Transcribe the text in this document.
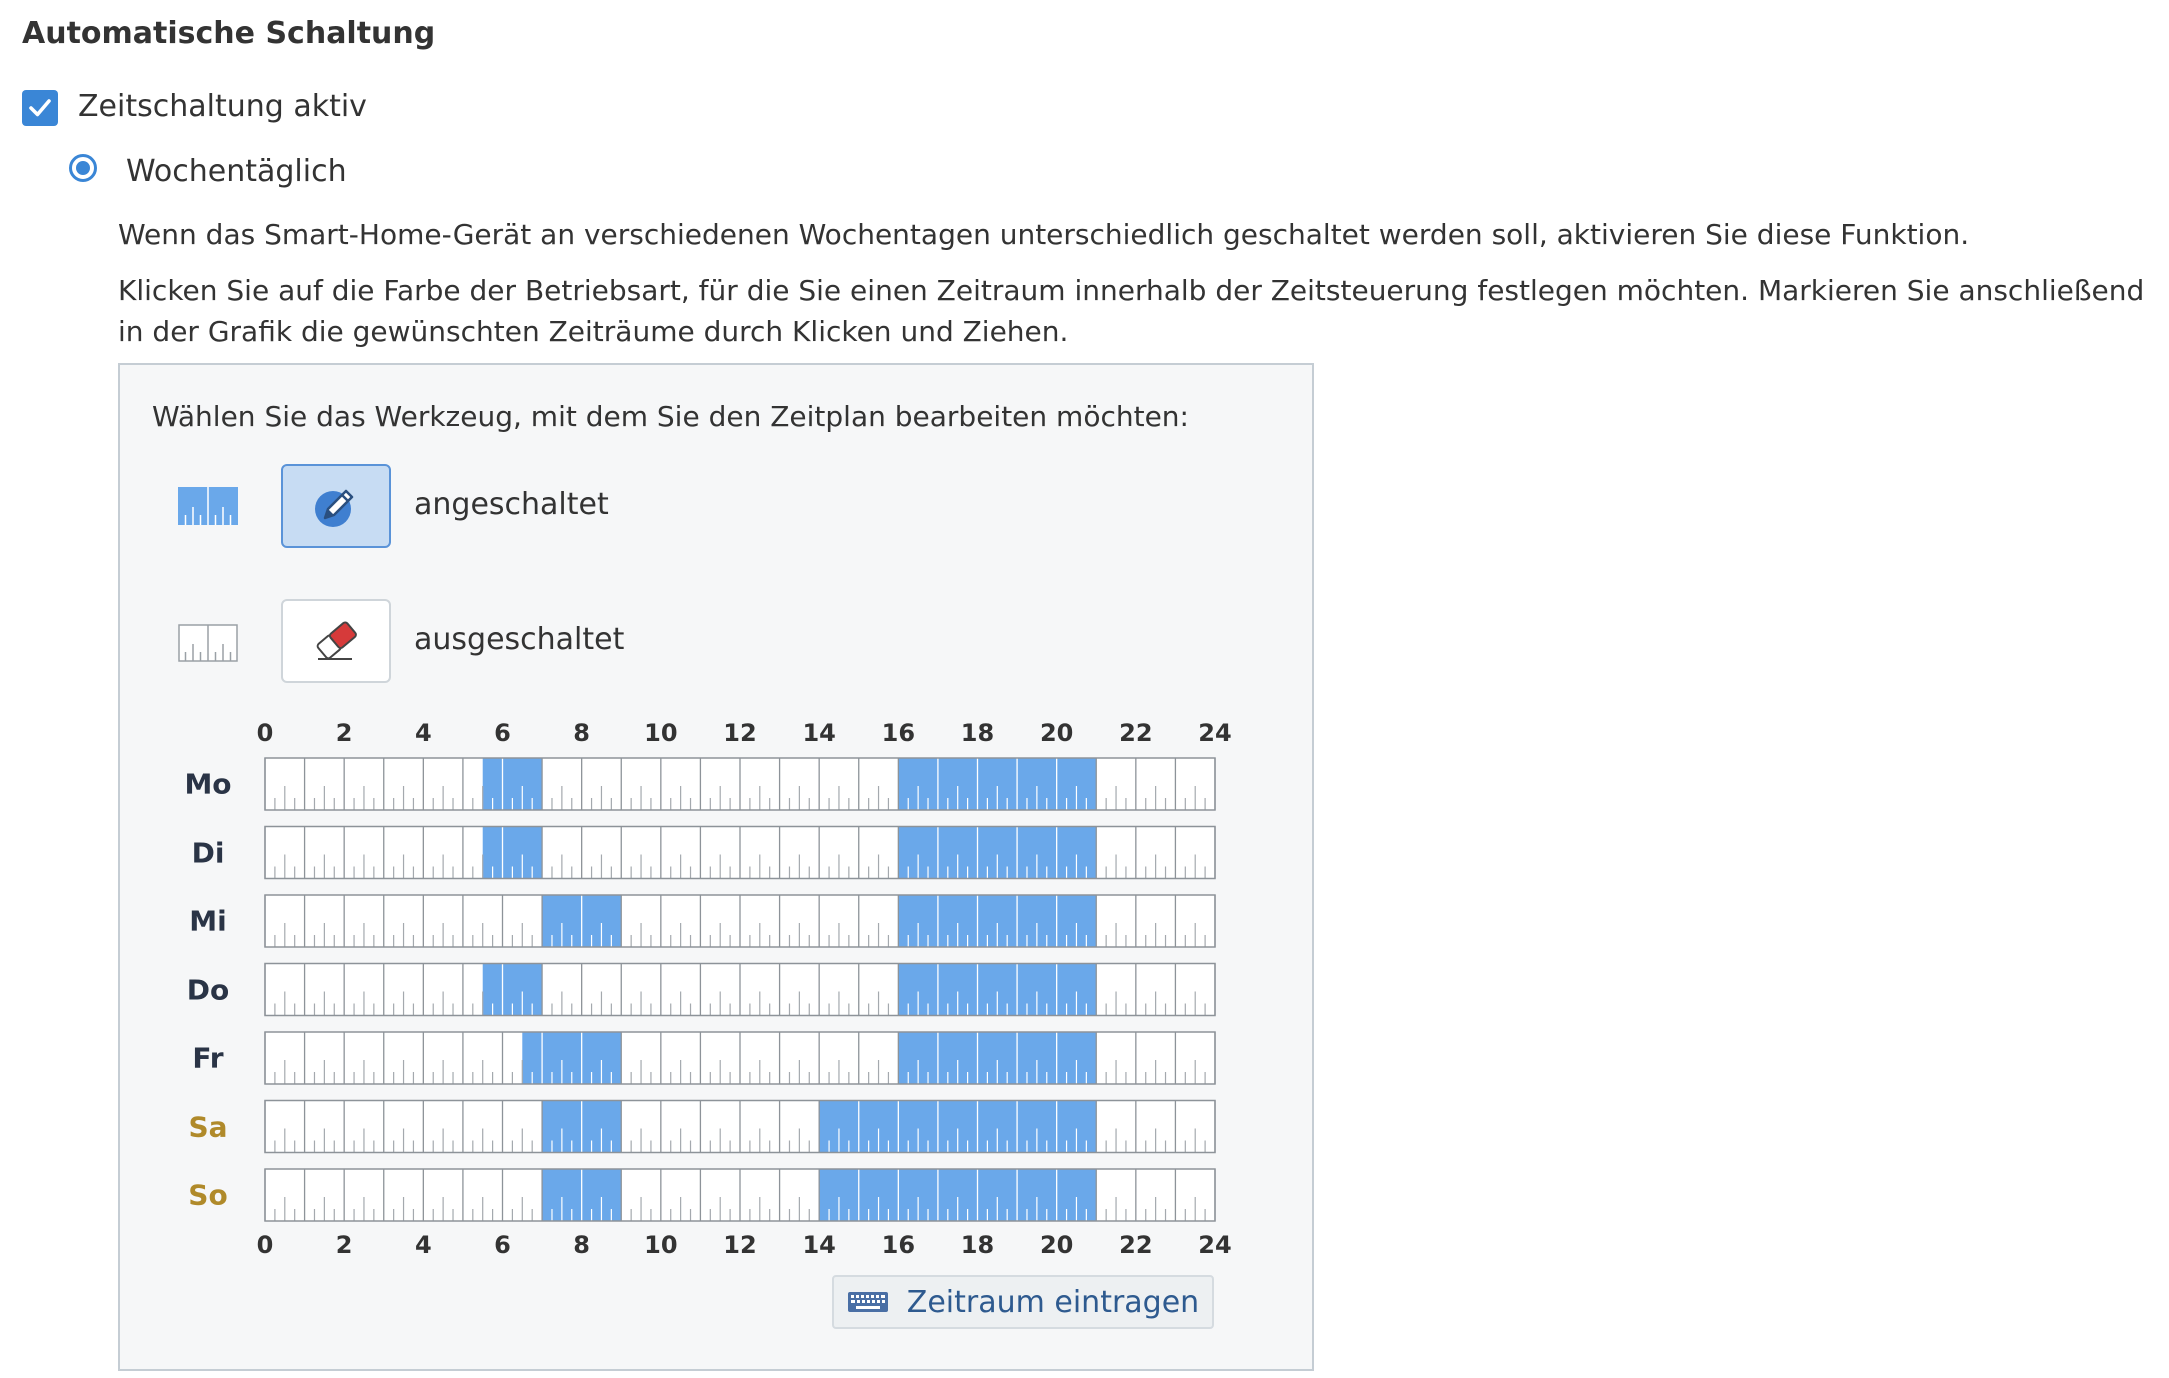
Automatische Schaltung
Zeitschaltung aktiv
Wochentäglich
Wenn das Smart-Home-Gerät an verschiedenen Wochentagen unterschiedlich geschaltet werden soll, aktivieren Sie diese Funktion.
Klicken Sie auf die Farbe der Betriebsart, für die Sie einen Zeitraum innerhalb der Zeitsteuerung festlegen möchten. Markieren Sie anschließend in der Grafik die gewünschten Zeiträume durch Klicken und Ziehen.
Wählen Sie das Werkzeug, mit dem Sie den Zeitplan bearbeiten möchten:
angeschaltet
ausgeschaltet
0	2	4	6	8 10 12 14 16 18 20 22 24
0	2	4	6	8 10 12 14 16 18 20 22 24
Mo
Di
Mi
Do
Fr
Sa
So
Zeitraum eintragen
